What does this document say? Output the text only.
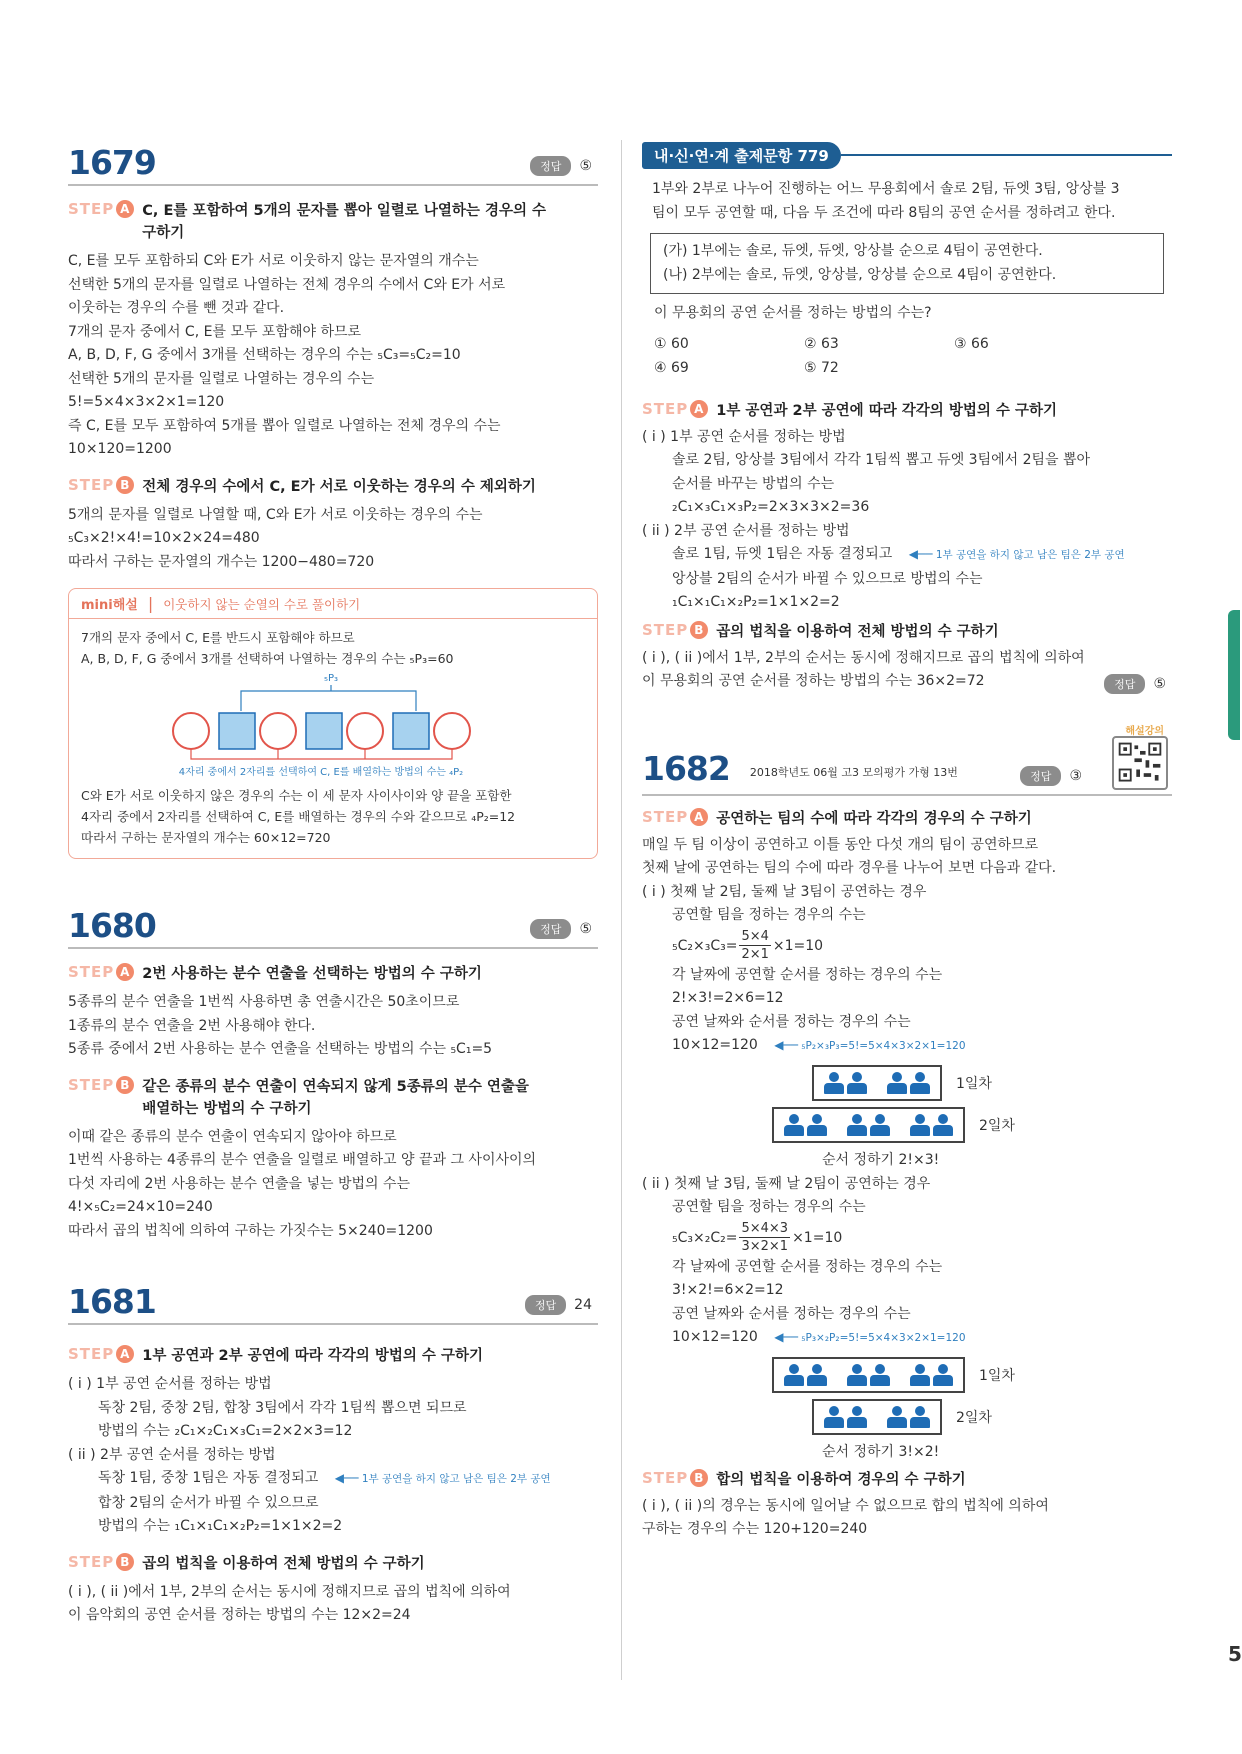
1679	정답	⑤
STEP A C, E를 포함하여 5개의 문자를 뽑아 일렬로 나열하는 경우의 수
구하기
C, E를 모두 포함하되 C와 E가 서로 이웃하지 않는 문자열의 개수는
선택한 5개의 문자를 일렬로 나열하는 전체 경우의 수에서 C와 E가 서로
이웃하는 경우의 수를 뺀 것과 같다.
7개의 문자 중에서 C, E를 모두 포함해야 하므로
A, B, D, F, G 중에서 3개를 선택하는 경우의 수는 ₅C₃=₅C₂=10
선택한 5개의 문자를 일렬로 나열하는 경우의 수는
5!=5×4×3×2×1=120
즉 C, E를 모두 포함하여 5개를 뽑아 일렬로 나열하는 전체 경우의 수는
10×120=1200
STEP B 전체 경우의 수에서 C, E가 서로 이웃하는 경우의 수 제외하기
5개의 문자를 일렬로 나열할 때, C와 E가 서로 이웃하는 경우의 수는
₅C₃×2!×4!=10×2×24=480
따라서 구하는 문자열의 개수는 1200−480=720
mini해설 | 이웃하지 않는 순열의 수로 풀이하기
7개의 문자 중에서 C, E를 반드시 포함해야 하므로
A, B, D, F, G 중에서 3개를 선택하여 나열하는 경우의 수는 ₅P₃=60
₅P₃
4자리 중에서 2자리를 선택하여 C, E를 배열하는 방법의 수는 ₄P₂
C와 E가 서로 이웃하지 않은 경우의 수는 이 세 문자 사이사이와 양 끝을 포함한
4자리 중에서 2자리를 선택하여 C, E를 배열하는 경우의 수와 같으므로 ₄P₂=12
따라서 구하는 문자열의 개수는 60×12=720
1680	정답	⑤
STEP A 2번 사용하는 분수 연출을 선택하는 방법의 수 구하기
5종류의 분수 연출을 1번씩 사용하면 총 연출시간은 50초이므로
1종류의 분수 연출을 2번 사용해야 한다.
5종류 중에서 2번 사용하는 분수 연출을 선택하는 방법의 수는 ₅C₁=5
STEP B 같은 종류의 분수 연출이 연속되지 않게 5종류의 분수 연출을
배열하는 방법의 수 구하기
이때 같은 종류의 분수 연출이 연속되지 않아야 하므로
1번씩 사용하는 4종류의 분수 연출을 일렬로 배열하고 양 끝과 그 사이사이의
다섯 자리에 2번 사용하는 분수 연출을 넣는 방법의 수는
4!×₅C₂=24×10=240
따라서 곱의 법칙에 의하여 구하는 가짓수는 5×240=1200
1681	정답	24
STEP A 1부 공연과 2부 공연에 따라 각각의 방법의 수 구하기
( i ) 1부 공연 순서를 정하는 방법
독창 2팀, 중창 2팀, 합창 3팀에서 각각 1팀씩 뽑으면 되므로
방법의 수는 ₂C₁×₂C₁×₃C₁=2×2×3=12
( ii ) 2부 공연 순서를 정하는 방법
독창 1팀, 중창 1팀은 자동 결정되고 ◀── 1부 공연을 하지 않고 남은 팀은 2부 공연
합창 2팀의 순서가 바뀔 수 있으므로
방법의 수는 ₁C₁×₁C₁×₂P₂=1×1×2=2
STEP B 곱의 법칙을 이용하여 전체 방법의 수 구하기
( i ), ( ii )에서 1부, 2부의 순서는 동시에 정해지므로 곱의 법칙에 의하여
이 음악회의 공연 순서를 정하는 방법의 수는 12×2=24
내·신·연·계 출제문항 779
1부와 2부로 나누어 진행하는 어느 무용회에서 솔로 2팀, 듀엣 3팀, 앙상블 3
팀이 모두 공연할 때, 다음 두 조건에 따라 8팀의 공연 순서를 정하려고 한다.
(가) 1부에는 솔로, 듀엣, 듀엣, 앙상블 순으로 4팀이 공연한다.
(나) 2부에는 솔로, 듀엣, 앙상블, 앙상블 순으로 4팀이 공연한다.
이 무용회의 공연 순서를 정하는 방법의 수는?
① 60	② 63	③ 66
④ 69	⑤ 72
STEP A 1부 공연과 2부 공연에 따라 각각의 방법의 수 구하기
( i ) 1부 공연 순서를 정하는 방법
솔로 2팀, 앙상블 3팀에서 각각 1팀씩 뽑고 듀엣 3팀에서 2팀을 뽑아
순서를 바꾸는 방법의 수는
₂C₁×₃C₁×₃P₂=2×3×3×2=36
( ii ) 2부 공연 순서를 정하는 방법
솔로 1팀, 듀엣 1팀은 자동 결정되고 ◀── 1부 공연을 하지 않고 남은 팀은 2부 공연
앙상블 2팀의 순서가 바뀔 수 있으므로 방법의 수는
₁C₁×₁C₁×₂P₂=1×1×2=2
STEP B 곱의 법칙을 이용하여 전체 방법의 수 구하기
( i ), ( ii )에서 1부, 2부의 순서는 동시에 정해지므로 곱의 법칙에 의하여
이 무용회의 공연 순서를 정하는 방법의 수는 36×2=72	정답	⑤
1682 2018학년도 06월 고3 모의평가 가형 13번	정답	③
해설강의
STEP A 공연하는 팀의 수에 따라 각각의 경우의 수 구하기
매일 두 팀 이상이 공연하고 이틀 동안 다섯 개의 팀이 공연하므로
첫째 날에 공연하는 팀의 수에 따라 경우를 나누어 보면 다음과 같다.
( i ) 첫째 날 2팀, 둘째 날 3팀이 공연하는 경우
공연할 팀을 정하는 경우의 수는
$_5C_2\times_3C_3= \frac{5\times 4}{2\times 1} \times 1=10$
각 날짜에 공연할 순서를 정하는 경우의 수는
2!×3!=2×6=12
공연 날짜와 순서를 정하는 경우의 수는
10×12=120 ◀── ₅P₂×₃P₃=5!=5×4×3×2×1=120
1일차
2일차
순서 정하기 2!×3!
( ii ) 첫째 날 3팀, 둘째 날 2팀이 공연하는 경우
공연할 팀을 정하는 경우의 수는
$_5C_3\times_2C_2= \frac{5\times 4\times 3}{3\times 2\times 1} \times 1=10$
각 날짜에 공연할 순서를 정하는 경우의 수는
3!×2!=6×2=12
공연 날짜와 순서를 정하는 경우의 수는
10×12=120 ◀── ₅P₃×₂P₂=5!=5×4×3×2×1=120
1일차
2일차
순서 정하기 3!×2!
STEP B 합의 법칙을 이용하여 경우의 수 구하기
( i ), ( ii )의 경우는 동시에 일어날 수 없으므로 합의 법칙에 의하여
구하는 경우의 수는 120+120=240
5
